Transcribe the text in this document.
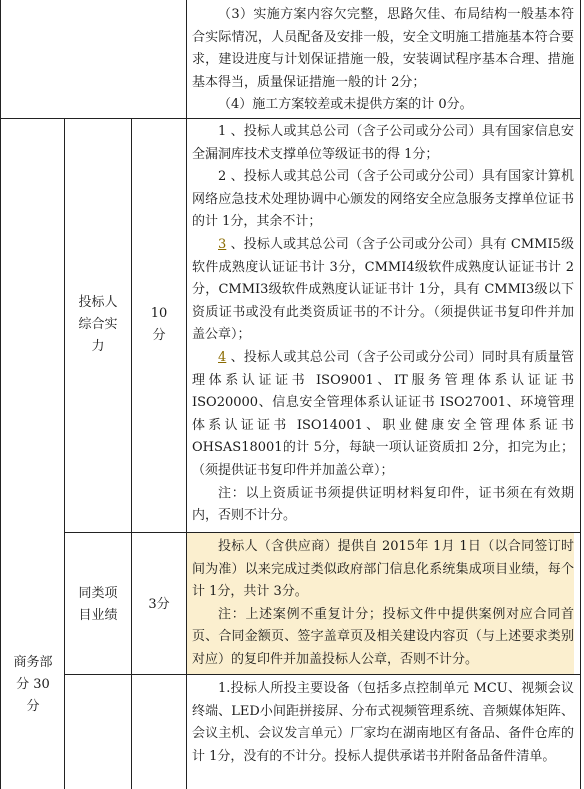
（3）实施方案内容欠完整，思路欠佳、布局结构一般基本符合实际情况，人员配备及安排一般，安全文明施工措施基本符合要求，建设进度与计划保证措施一般，安装调试程序基本合理、措施基本得当，质量保证措施一般的计 2分；

（4）施工方案较差或未提供方案的计 0分。

商务部分 30 分
投标人综合实力
10分

1 、投标人或其总公司（含子公司或分公司）具有国家信息安全漏洞库技术支撑单位等级证书的得 1分；

2 、投标人或其总公司（含子公司或分公司）具有国家计算机网络应急技术处理协调中心颁发的网络安全应急服务支撑单位证书的计 1分，其余不计；

3 、投标人或其总公司（含子公司或分公司）具有 CMMI5级软件成熟度认证证书计 3分，CMMI4级软件成熟度认证证书计 2分，CMMI3级软件成熟度认证证书计 1分，具有 CMMI3级以下资质证书或没有此类资质证书的不计分。（须提供证书复印件并加盖公章）；

4 、投标人或其总公司（含子公司或分公司）同时具有质量管理体系认证证书 ISO9001、IT服务管理体系认证证书 ISO20000、信息安全管理体系认证证书 ISO27001、环境管理体系认证证书 ISO14001、职业健康安全管理体系证书 OHSAS18001的计 5分，每缺一项认证资质扣 2分，扣完为止；（须提供证书复印件并加盖公章）；

注：以上资质证书须提供证明材料复印件，证书须在有效期内，否则不计分。

同类项目业绩
3分

投标人（含供应商）提供自 2015年 1月 1日（以合同签订时间为准）以来完成过类似政府部门信息化系统集成项目业绩，每个计 1分，共计 3分。

注：上述案例不重复计分；投标文件中提供案例对应合同首页、合同金额页、签字盖章页及相关建设内容页（与上述要求类别对应）的复印件并加盖投标人公章，否则不计分。

1.投标人所投主要设备（包括多点控制单元 MCU、视频会议终端、LED小间距拼接屏、分布式视频管理系统、音频媒体矩阵、会议主机、会议发言单元）厂家均在湖南地区有备品、备件仓库的计 1分，没有的不计分。投标人提供承诺书并附备品备件清单。
